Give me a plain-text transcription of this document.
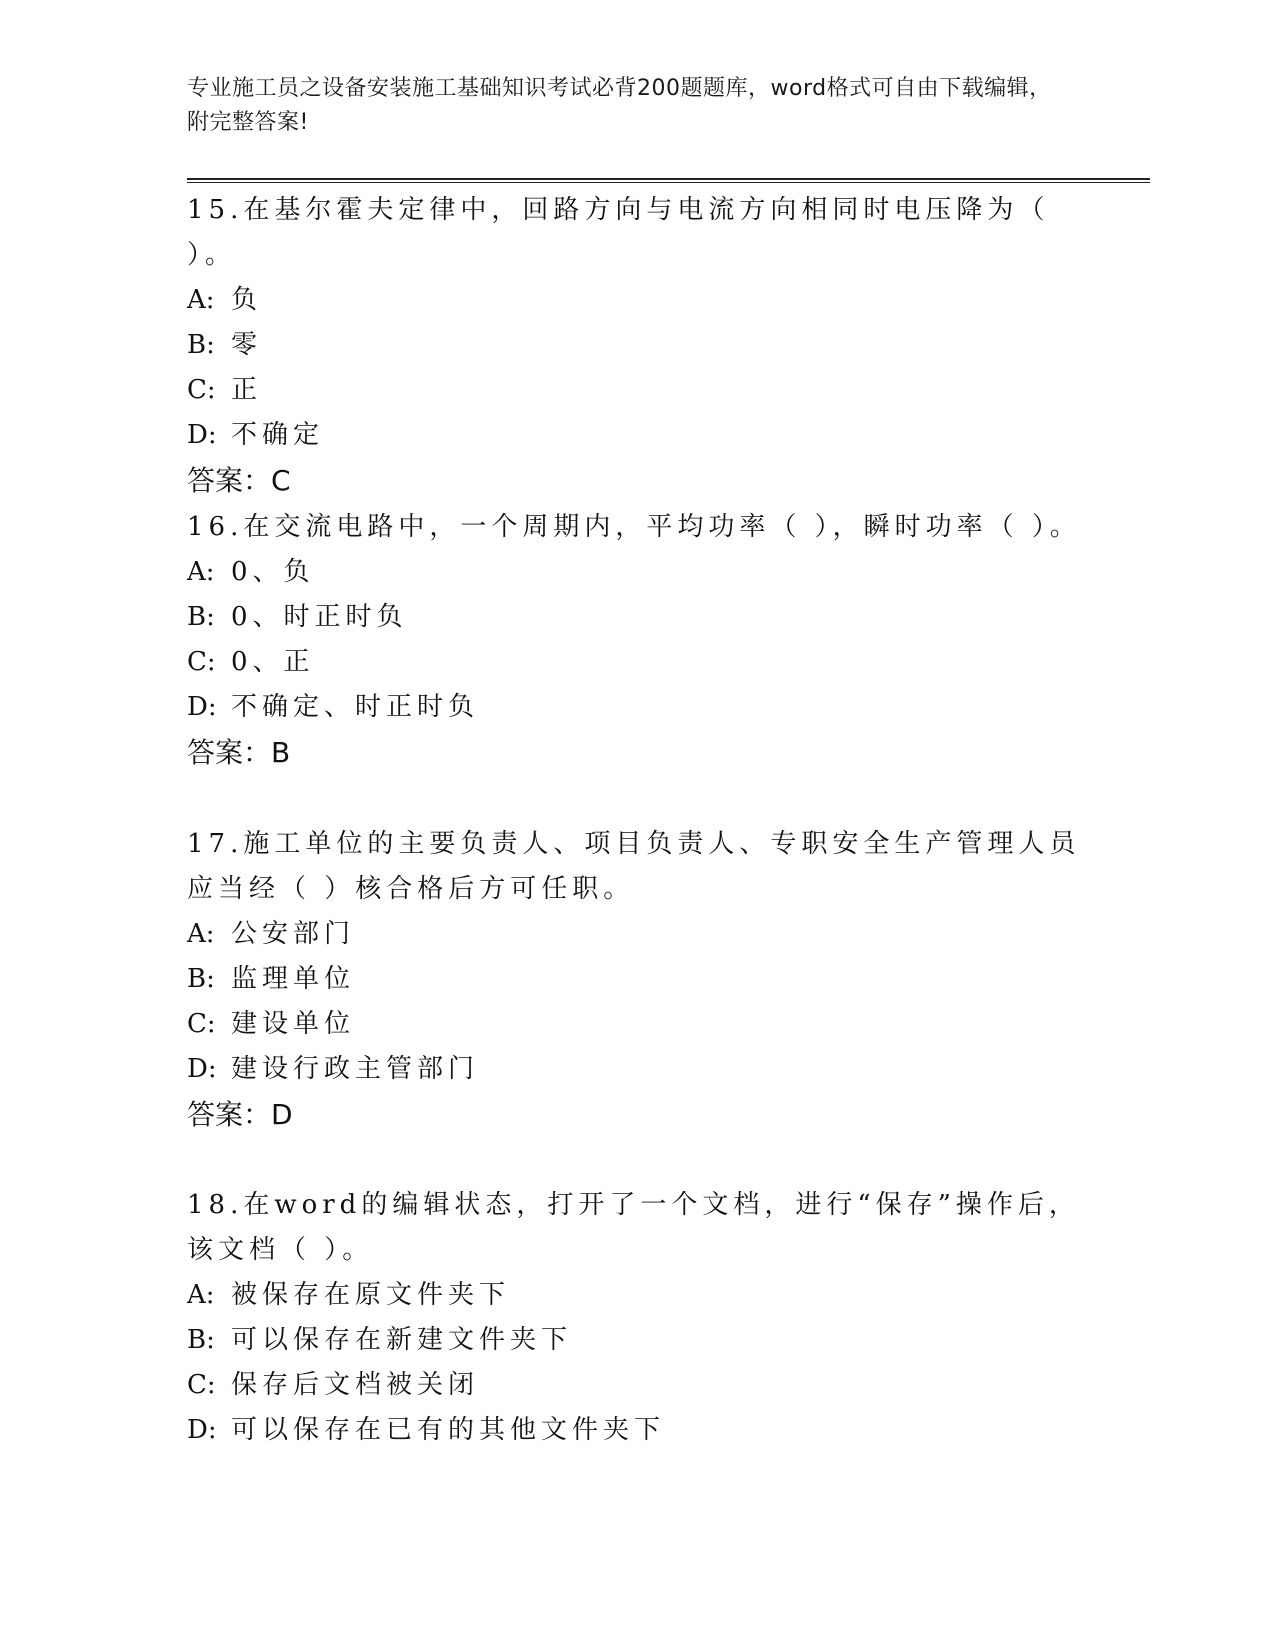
专业施工员之设备安装施工基础知识考试必背200题题库，word格式可自由下载编辑，附完整答案!

15.在基尔霍夫定律中，回路方向与电流方向相同时电压降为（ ）。

A: 负

B: 零

C: 正

D: 不确定

答案：C

16.在交流电路中，一个周期内，平均功率（ ），瞬时功率（ ）。

A: 0、负

B: 0、时正时负

C: 0、正

D: 不确定、时正时负

答案：B

17.施工单位的主要负责人、项目负责人、专职安全生产管理人员应当经（ ）核合格后方可任职。

A: 公安部门

B: 监理单位

C: 建设单位

D: 建设行政主管部门

答案：D

18.在word的编辑状态，打开了一个文档，进行“保存”操作后，该文档（ ）。

A: 被保存在原文件夹下

B: 可以保存在新建文件夹下

C: 保存后文档被关闭

D: 可以保存在已有的其他文件夹下
